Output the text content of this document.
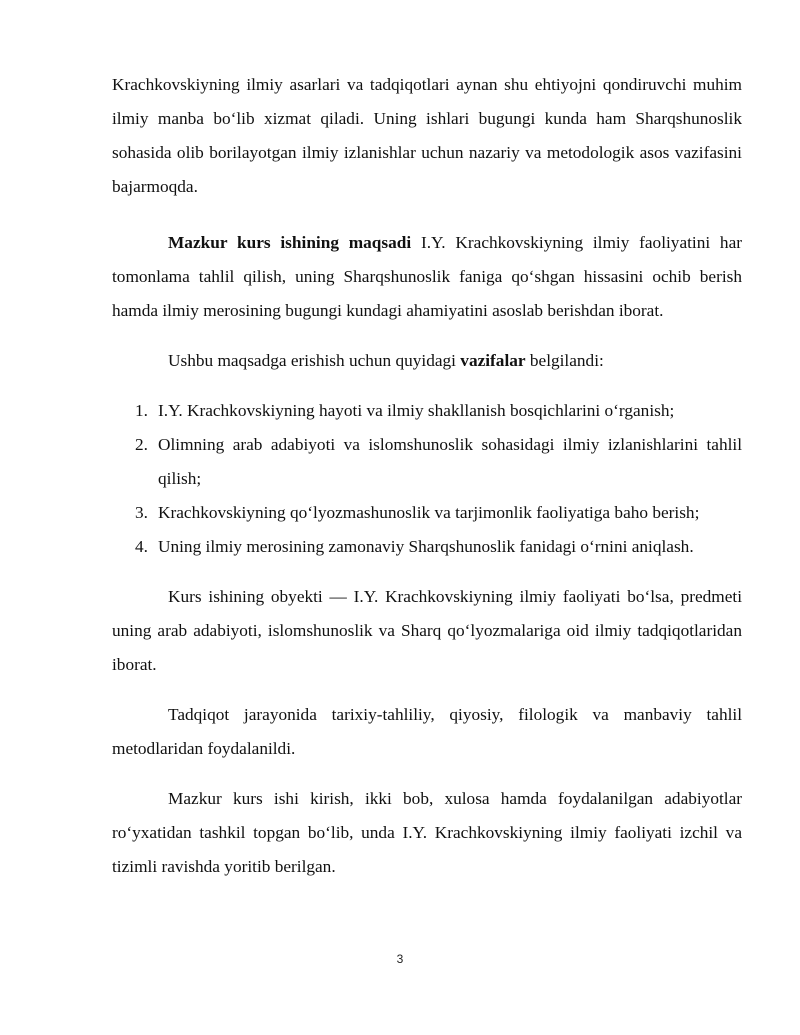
Krachkovskiyning ilmiy asarlari va tadqiqotlari aynan shu ehtiyojni qondiruvchi muhim ilmiy manba bo‘lib xizmat qiladi. Uning ishlari bugungi kunda ham Sharqshunoslik sohasida olib borilayotgan ilmiy izlanishlar uchun nazariy va metodologik asos vazifasini bajarmoqda.

Mazkur kurs ishining maqsadi I.Y. Krachkovskiyning ilmiy faoliyatini har tomonlama tahlil qilish, uning Sharqshunoslik faniga qo‘shgan hissasini ochib berish hamda ilmiy merosining bugungi kundagi ahamiyatini asoslab berishdan iborat.

Ushbu maqsadga erishish uchun quyidagi vazifalar belgilandi:

1. I.Y. Krachkovskiyning hayoti va ilmiy shakllanish bosqichlarini o‘rganish;
2. Olimning arab adabiyoti va islomshunoslik sohasidagi ilmiy izlanishlarini tahlil qilish;
3. Krachkovskiyning qo‘lyozmashunoslik va tarjimonlik faoliyatiga baho berish;
4. Uning ilmiy merosining zamonaviy Sharqshunoslik fanidagi o‘rnini aniqlash.

Kurs ishining obyekti — I.Y. Krachkovskiyning ilmiy faoliyati bo‘lsa, predmeti uning arab adabiyoti, islomshunoslik va Sharq qo‘lyozmalariga oid ilmiy tadqiqotlaridan iborat.

Tadqiqot jarayonida tarixiy-tahliliy, qiyosiy, filologik va manbaviy tahlil metodlaridan foydalanildi.

Mazkur kurs ishi kirish, ikki bob, xulosa hamda foydalanilgan adabiyotlar ro‘yxatidan tashkil topgan bo‘lib, unda I.Y. Krachkovskiyning ilmiy faoliyati izchil va tizimli ravishda yoritib berilgan.

3
